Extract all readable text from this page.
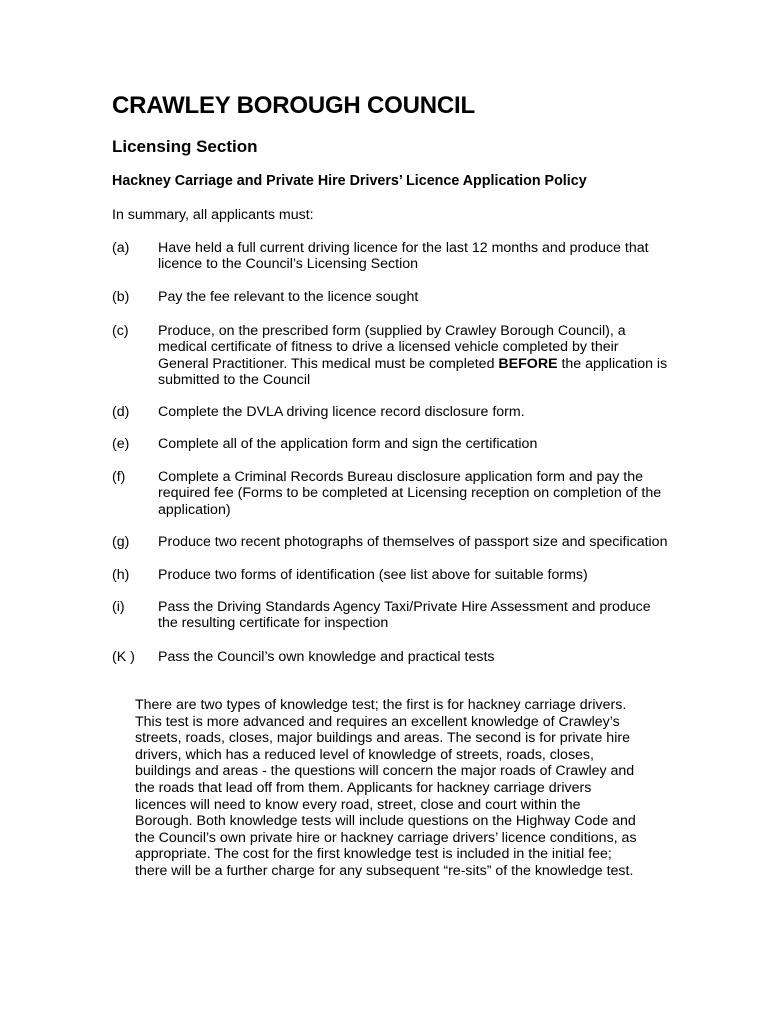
CRAWLEY BOROUGH COUNCIL
Licensing Section
Hackney Carriage and Private Hire Drivers’ Licence Application Policy

In summary, all applicants must:

(a)	Have held a full current driving licence for the last 12 months and produce that licence to the Council’s Licensing Section
(b)	Pay the fee relevant to the licence sought
(c)	Produce, on the prescribed form (supplied by Crawley Borough Council), a medical certificate of fitness to drive a licensed vehicle completed by their General Practitioner. This medical must be completed BEFORE the application is submitted to the Council
(d)	Complete the DVLA driving licence record disclosure form.
(e)	Complete all of the application form and sign the certification
(f)	Complete a Criminal Records Bureau disclosure application form and pay the required fee (Forms to be completed at Licensing reception on completion of the application)
(g)	Produce two recent photographs of themselves of passport size and specification
(h)	Produce two forms of identification (see list above for suitable forms)
(i)	Pass the Driving Standards Agency Taxi/Private Hire Assessment and produce the resulting certificate for inspection
(K )	Pass the Council’s own knowledge and practical tests

There are two types of knowledge test; the first is for hackney carriage drivers. This test is more advanced and requires an excellent knowledge of Crawley’s streets, roads, closes, major buildings and areas. The second is for private hire drivers, which has a reduced level of knowledge of streets, roads, closes, buildings and areas - the questions will concern the major roads of Crawley and the roads that lead off from them. Applicants for hackney carriage drivers licences will need to know every road, street, close and court within the Borough. Both knowledge tests will include questions on the Highway Code and the Council’s own private hire or hackney carriage drivers’ licence conditions, as appropriate. The cost for the first knowledge test is included in the initial fee; there will be a further charge for any subsequent “re-sits” of the knowledge test.
